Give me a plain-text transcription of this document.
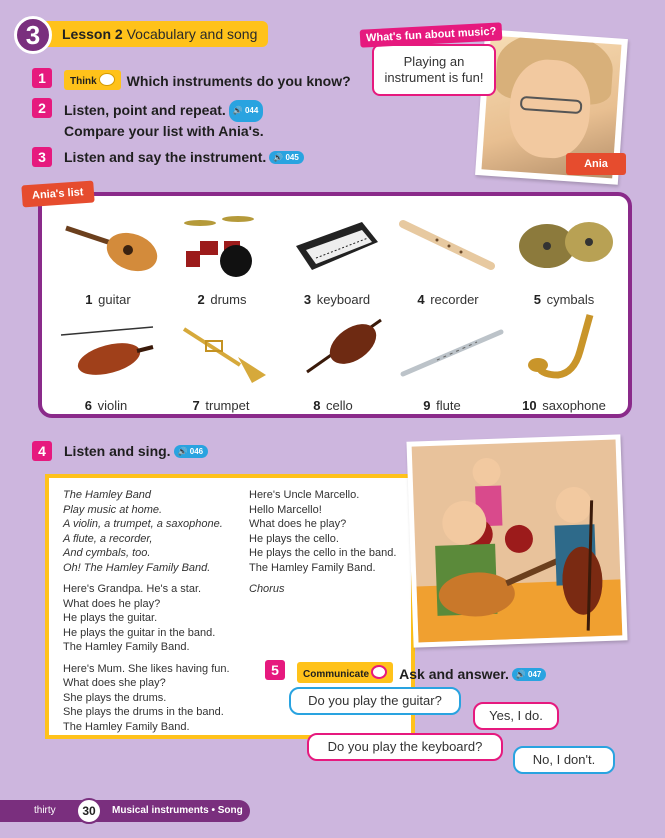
Lesson 2 Vocabulary and song
3
1	Think Which instruments do you know?
2	Listen, point and repeat. 🔊 044
Compare your list with Ania's.
3	Listen and say the instrument. 🔊 045
Ania
Playing an instrument is fun!
What's fun about music?
1 guitar	2 drums	3 keyboard	4 recorder	5 cymbals
6 violin	7 trumpet	8 cello	9 flute	10 saxophone
Ania's list
4	Listen and sing. 🔊 046

The Hamley Band
Play music at home.
A violin, a trumpet, a saxophone.
A flute, a recorder,
And cymbals, too.
Oh! The Hamley Family Band.

Here's Grandpa. He's a star.
What does he play?
He plays the guitar.
He plays the guitar in the band.
The Hamley Family Band.

Here's Mum. She likes having fun.
What does she play?
She plays the drums.
She plays the drums in the band.
The Hamley Family Band.

Here's Uncle Marcello.
Hello Marcello!
What does he play?
He plays the cello.
He plays the cello in the band.
The Hamley Family Band.

Chorus

5	Communicate Ask and answer. 🔊 047
Do you play the guitar?
Yes, I do.
Do you play the keyboard?
No, I don't.
thirty	30	Musical instruments • Song
